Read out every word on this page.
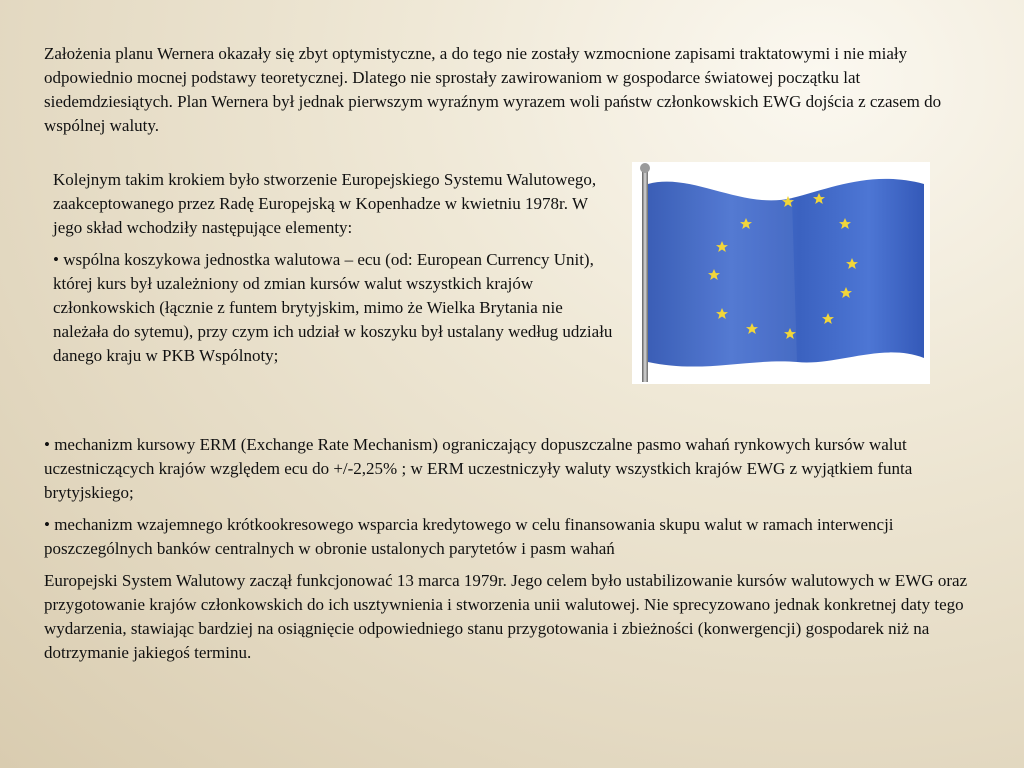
Założenia planu Wernera okazały się zbyt optymistyczne, a do tego nie zostały wzmocnione zapisami traktatowymi i nie miały odpowiednio mocnej podstawy teoretycznej. Dlatego nie sprostały zawirowaniom w gospodarce światowej początku lat siedemdziesiątych. Plan Wernera był jednak pierwszym wyraźnym wyrazem woli państw członkowskich EWG dojścia z czasem do wspólnej waluty.

Kolejnym takim krokiem było stworzenie Europejskiego Systemu Walutowego, zaakceptowanego przez Radę Europejską w Kopenhadze w kwietniu 1978r. W jego skład wchodziły następujące elementy:

• wspólna koszykowa jednostka walutowa – ecu (od: European Currency Unit), której kurs był uzależniony od zmian kursów walut wszystkich krajów członkowskich (łącznie z funtem brytyjskim, mimo że Wielka Brytania nie należała do sytemu), przy czym ich udział w koszyku był ustalany według udziału danego kraju w PKB Wspólnoty;

• mechanizm kursowy ERM (Exchange Rate Mechanism) ograniczający dopuszczalne pasmo wahań rynkowych kursów walut uczestniczących krajów względem ecu do +/-2,25% ; w ERM uczestniczyły waluty wszystkich krajów EWG z wyjątkiem funta brytyjskiego;

• mechanizm wzajemnego krótkookresowego wsparcia kredytowego w celu finansowania skupu walut w ramach interwencji poszczególnych banków centralnych w obronie ustalonych parytetów i pasm wahań

Europejski System Walutowy zaczął funkcjonować 13 marca 1979r. Jego celem było ustabilizowanie kursów walutowych w EWG oraz przygotowanie krajów członkowskich do ich usztywnienia i stworzenia unii walutowej. Nie sprecyzowano jednak konkretnej daty tego wydarzenia, stawiając bardziej na osiągnięcie odpowiedniego stanu przygotowania i zbieżności (konwergencji) gospodarek niż na dotrzymanie jakiegoś terminu.
